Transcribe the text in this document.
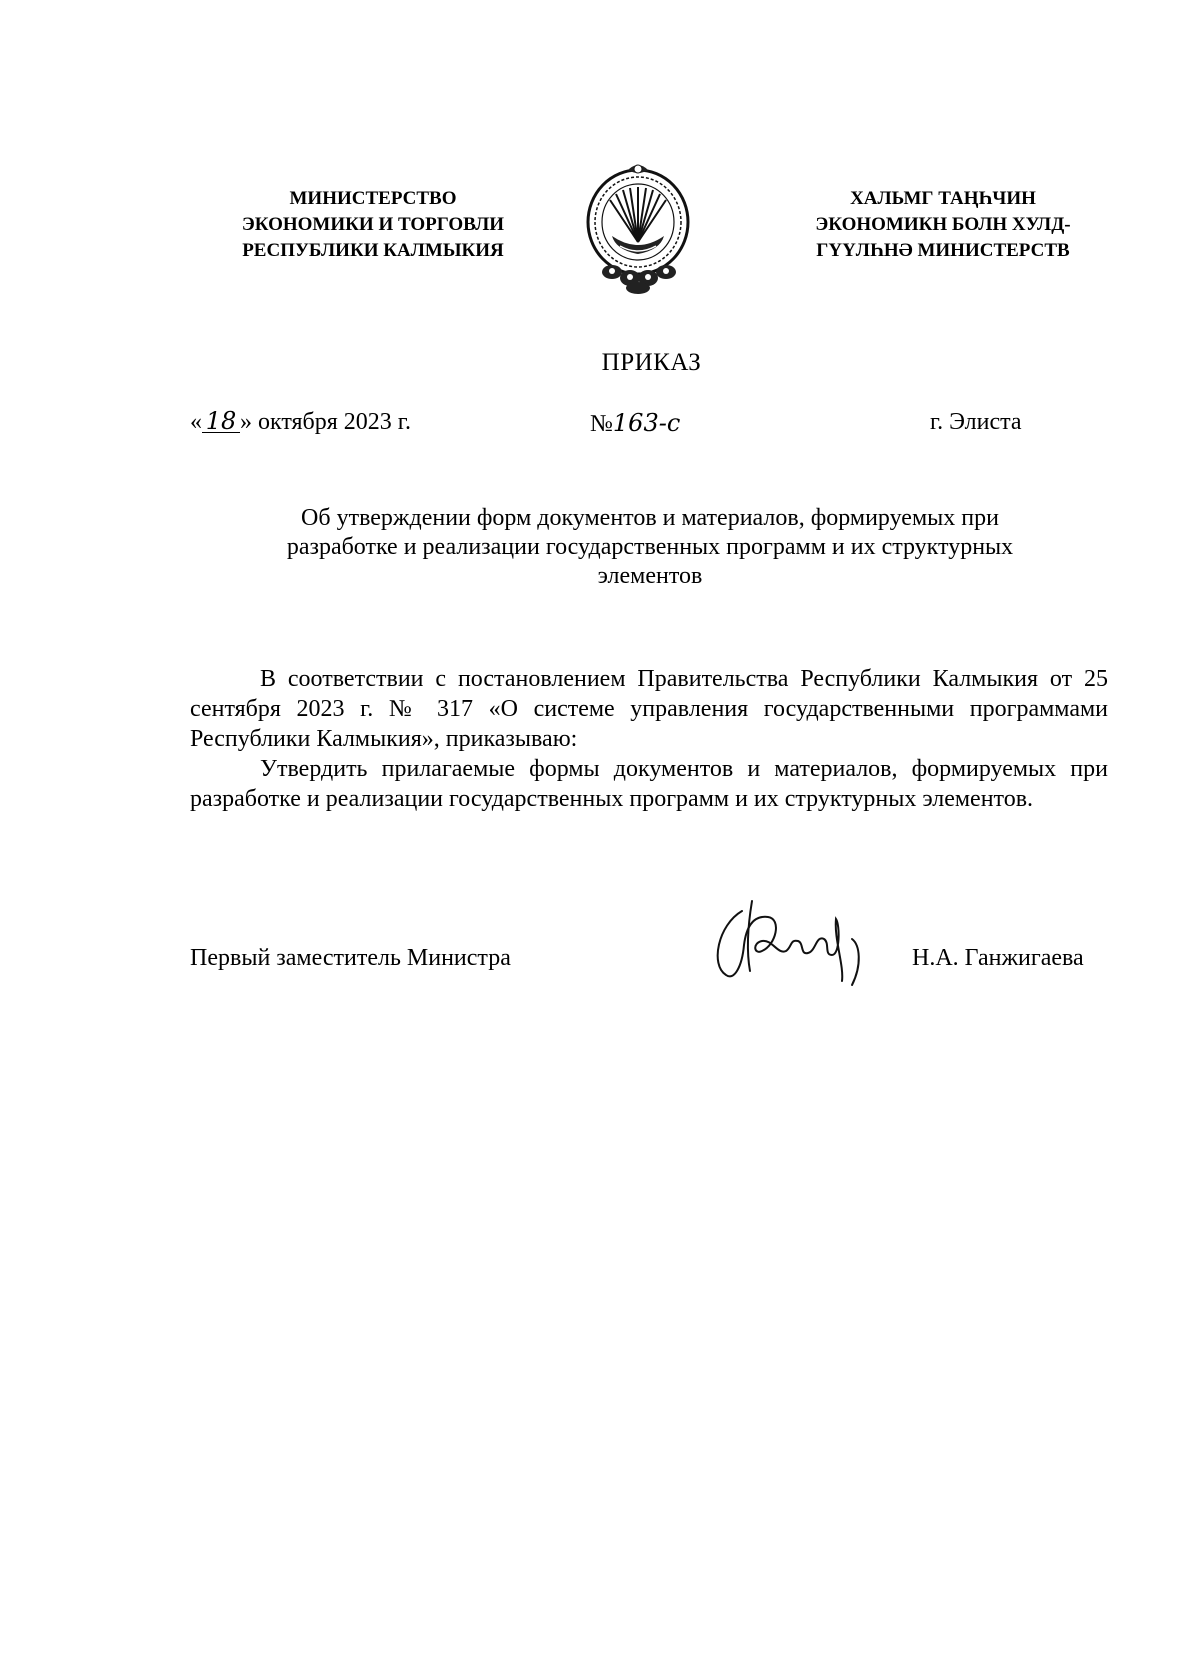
МИНИСТЕРСТВО
ЭКОНОМИКИ И ТОРГОВЛИ
РЕСПУБЛИКИ КАЛМЫКИЯ
ХАЛЬМГ ТАҢҺЧИН
ЭКОНОМИКН БОЛН ХУЛД-
ГҮҮЛҺНӘ МИНИСТЕРСТВ
ПРИКАЗ
« 18 » октября 2023 г.	№163-с	г. Элиста
Об утверждении форм документов и материалов, формируемых при
разработке и реализации государственных программ и их структурных
элементов

В соответствии с постановлением Правительства Республики Калмыкия от 25 сентября 2023 г. № 317 «О системе управления государственными программами Республики Калмыкия», приказываю:

Утвердить прилагаемые формы документов и материалов, формируемых при разработке и реализации государственных программ и их структурных элементов.

Первый заместитель Министра	Н.А. Ганжигаева
